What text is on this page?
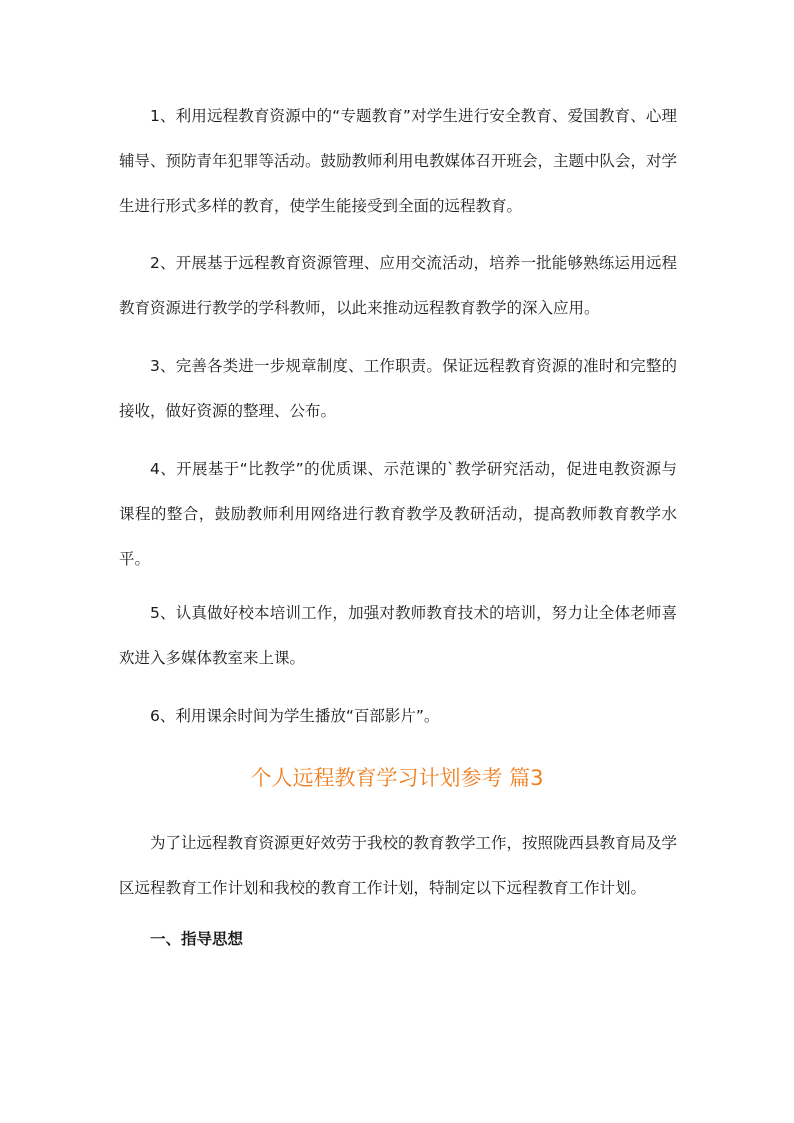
1、利用远程教育资源中的“专题教育”对学生进行安全教育、爱国教育、心理辅导、预防青年犯罪等活动。鼓励教师利用电教媒体召开班会，主题中队会，对学生进行形式多样的教育，使学生能接受到全面的远程教育。

2、开展基于远程教育资源管理、应用交流活动，培养一批能够熟练运用远程教育资源进行教学的学科教师，以此来推动远程教育教学的深入应用。

3、完善各类进一步规章制度、工作职责。保证远程教育资源的准时和完整的接收，做好资源的整理、公布。

4、开展基于“比教学”的优质课、示范课的`教学研究活动，促进电教资源与课程的整合，鼓励教师利用网络进行教育教学及教研活动，提高教师教育教学水平。

5、认真做好校本培训工作，加强对教师教育技术的培训，努力让全体老师喜欢进入多媒体教室来上课。

6、利用课余时间为学生播放“百部影片”。

个人远程教育学习计划参考 篇3

为了让远程教育资源更好效劳于我校的教育教学工作，按照陇西县教育局及学区远程教育工作计划和我校的教育工作计划，特制定以下远程教育工作计划。

一、指导思想
